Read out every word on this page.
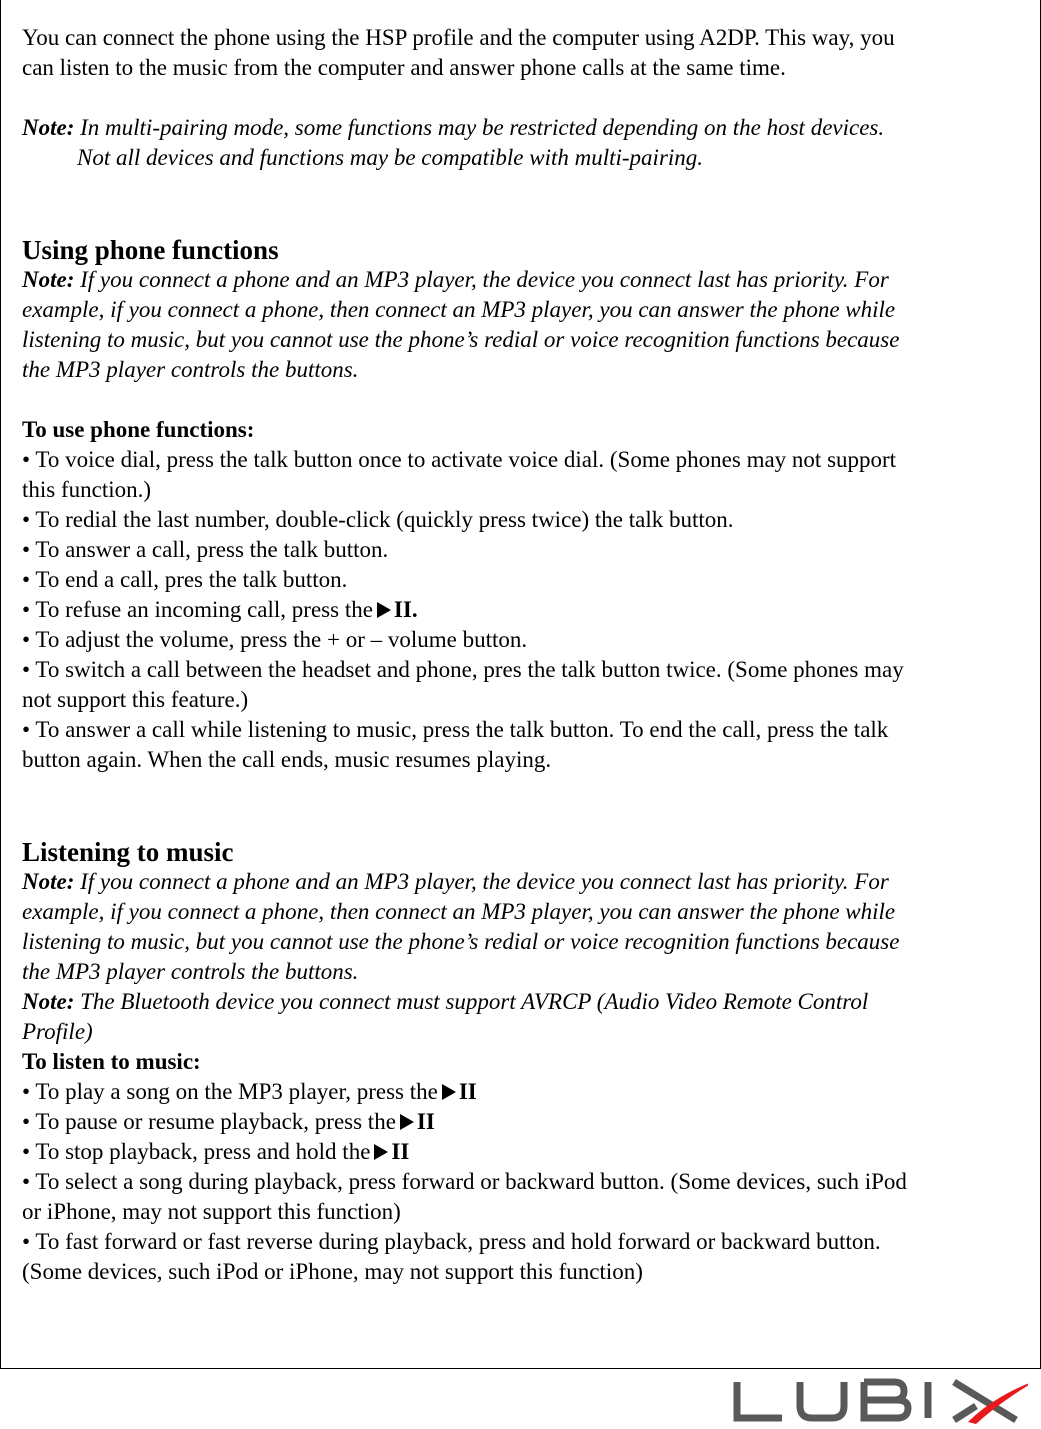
You can connect the phone using the HSP profile and the computer using A2DP. This way, you
can listen to the music from the computer and answer phone calls at the same time.
Note: In multi-pairing mode, some functions may be restricted depending on the host devices.
Not all devices and functions may be compatible with multi-pairing.
Using phone functions
Note: If you connect a phone and an MP3 player, the device you connect last has priority. For
example, if you connect a phone, then connect an MP3 player, you can answer the phone while
listening to music, but you cannot use the phone’s redial or voice recognition functions because
the MP3 player controls the buttons.
To use phone functions:
• To voice dial, press the talk button once to activate voice dial. (Some phones may not support
this function.)
• To redial the last number, double-click (quickly press twice) the talk button.
• To answer a call, press the talk button.
• To end a call, pres the talk button.
• To refuse an incoming call, press the II.
• To adjust the volume, press the + or – volume button.
• To switch a call between the headset and phone, pres the talk button twice. (Some phones may
not support this feature.)
• To answer a call while listening to music, press the talk button. To end the call, press the talk
button again. When the call ends, music resumes playing.
Listening to music
Note: If you connect a phone and an MP3 player, the device you connect last has priority. For
example, if you connect a phone, then connect an MP3 player, you can answer the phone while
listening to music, but you cannot use the phone’s redial or voice recognition functions because
the MP3 player controls the buttons.
Note: The Bluetooth device you connect must support AVRCP (Audio Video Remote Control
Profile)
To listen to music:
• To play a song on the MP3 player, press the II
• To pause or resume playback, press the II
• To stop playback, press and hold the II
• To select a song during playback, press forward or backward button. (Some devices, such iPod
or iPhone, may not support this function)
• To fast forward or fast reverse during playback, press and hold forward or backward button.
(Some devices, such iPod or iPhone, may not support this function)
